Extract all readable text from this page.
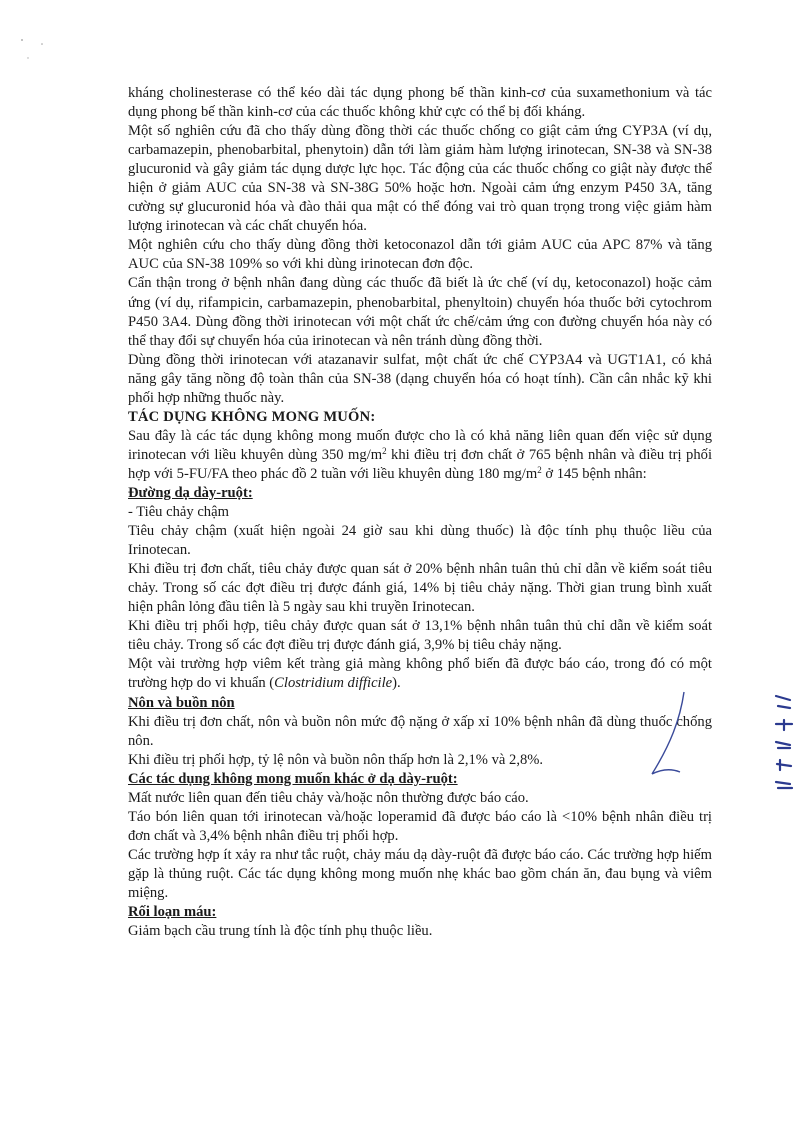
kháng cholinesterase có thể kéo dài tác dụng phong bế thần kinh-cơ của suxamethonium và tác dụng phong bế thần kinh-cơ của các thuốc không khử cực có thể bị đối kháng.

Một số nghiên cứu đã cho thấy dùng đồng thời các thuốc chống co giật cảm ứng CYP3A (ví dụ, carbamazepin, phenobarbital, phenytoin) dẫn tới làm giảm hàm lượng irinotecan, SN-38 và SN-38 glucuronid và gây giảm tác dụng dược lực học. Tác động của các thuốc chống co giật này được thể hiện ở giảm AUC của SN-38 và SN-38G 50% hoặc hơn. Ngoài cảm ứng enzym P450 3A, tăng cường sự glucuronid hóa và đào thải qua mật có thể đóng vai trò quan trọng trong việc giảm hàm lượng irinotecan và các chất chuyển hóa.

Một nghiên cứu cho thấy dùng đồng thời ketoconazol dẫn tới giảm AUC của APC 87% và tăng AUC của SN-38 109% so với khi dùng irinotecan đơn độc.

Cẩn thận trong ở bệnh nhân đang dùng các thuốc đã biết là ức chế (ví dụ, ketoconazol) hoặc cảm ứng (ví dụ, rifampicin, carbamazepin, phenobarbital, phenyltoin) chuyển hóa thuốc bởi cytochrom P450 3A4. Dùng đồng thời irinotecan với một chất ức chế/cảm ứng con đường chuyển hóa này có thể thay đổi sự chuyển hóa của irinotecan và nên tránh dùng đồng thời.

Dùng đồng thời irinotecan với atazanavir sulfat, một chất ức chế CYP3A4 và UGT1A1, có khả năng gây tăng nồng độ toàn thân của SN-38 (dạng chuyển hóa có hoạt tính). Cần cân nhắc kỹ khi phối hợp những thuốc này.

TÁC DỤNG KHÔNG MONG MUỐN:

Sau đây là các tác dụng không mong muốn được cho là có khả năng liên quan đến việc sử dụng irinotecan với liều khuyên dùng 350 $mg/m^2$ khi điều trị đơn chất ở 765 bệnh nhân và điều trị phối hợp với 5-FU/FA theo phác đồ 2 tuần với liều khuyên dùng 180 $mg/m^2$ ở 145 bệnh nhân:

Đường dạ dày-ruột:

- Tiêu chảy chậm

Tiêu chảy chậm (xuất hiện ngoài 24 giờ sau khi dùng thuốc) là độc tính phụ thuộc liều của Irinotecan.

Khi điều trị đơn chất, tiêu chảy được quan sát ở 20% bệnh nhân tuân thủ chỉ dẫn về kiểm soát tiêu chảy. Trong số các đợt điều trị được đánh giá, 14% bị tiêu chảy nặng. Thời gian trung bình xuất hiện phân lỏng đầu tiên là 5 ngày sau khi truyền Irinotecan.

Khi điều trị phối hợp, tiêu chảy được quan sát ở 13,1% bệnh nhân tuân thủ chỉ dẫn về kiểm soát tiêu chảy. Trong số các đợt điều trị được đánh giá, 3,9% bị tiêu chảy nặng.

Một vài trường hợp viêm kết tràng giả màng không phổ biến đã được báo cáo, trong đó có một trường hợp do vi khuẩn (Clostridium difficile).

Nôn và buồn nôn

Khi điều trị đơn chất, nôn và buồn nôn mức độ nặng ở xấp xỉ 10% bệnh nhân đã dùng thuốc chống nôn.

Khi điều trị phối hợp, tỷ lệ nôn và buồn nôn thấp hơn là 2,1% và 2,8%.

Các tác dụng không mong muốn khác ở dạ dày-ruột:

Mất nước liên quan đến tiêu chảy và/hoặc nôn thường được báo cáo.

Táo bón liên quan tới irinotecan và/hoặc loperamid đã được báo cáo là <10% bệnh nhân điều trị đơn chất và 3,4% bệnh nhân điều trị phối hợp.

Các trường hợp ít xảy ra như tắc ruột, chảy máu dạ dày-ruột đã được báo cáo. Các trường hợp hiếm gặp là thủng ruột. Các tác dụng không mong muốn nhẹ khác bao gồm chán ăn, đau bụng và viêm miệng.

Rối loạn máu:

Giảm bạch cầu trung tính là độc tính phụ thuộc liều.
